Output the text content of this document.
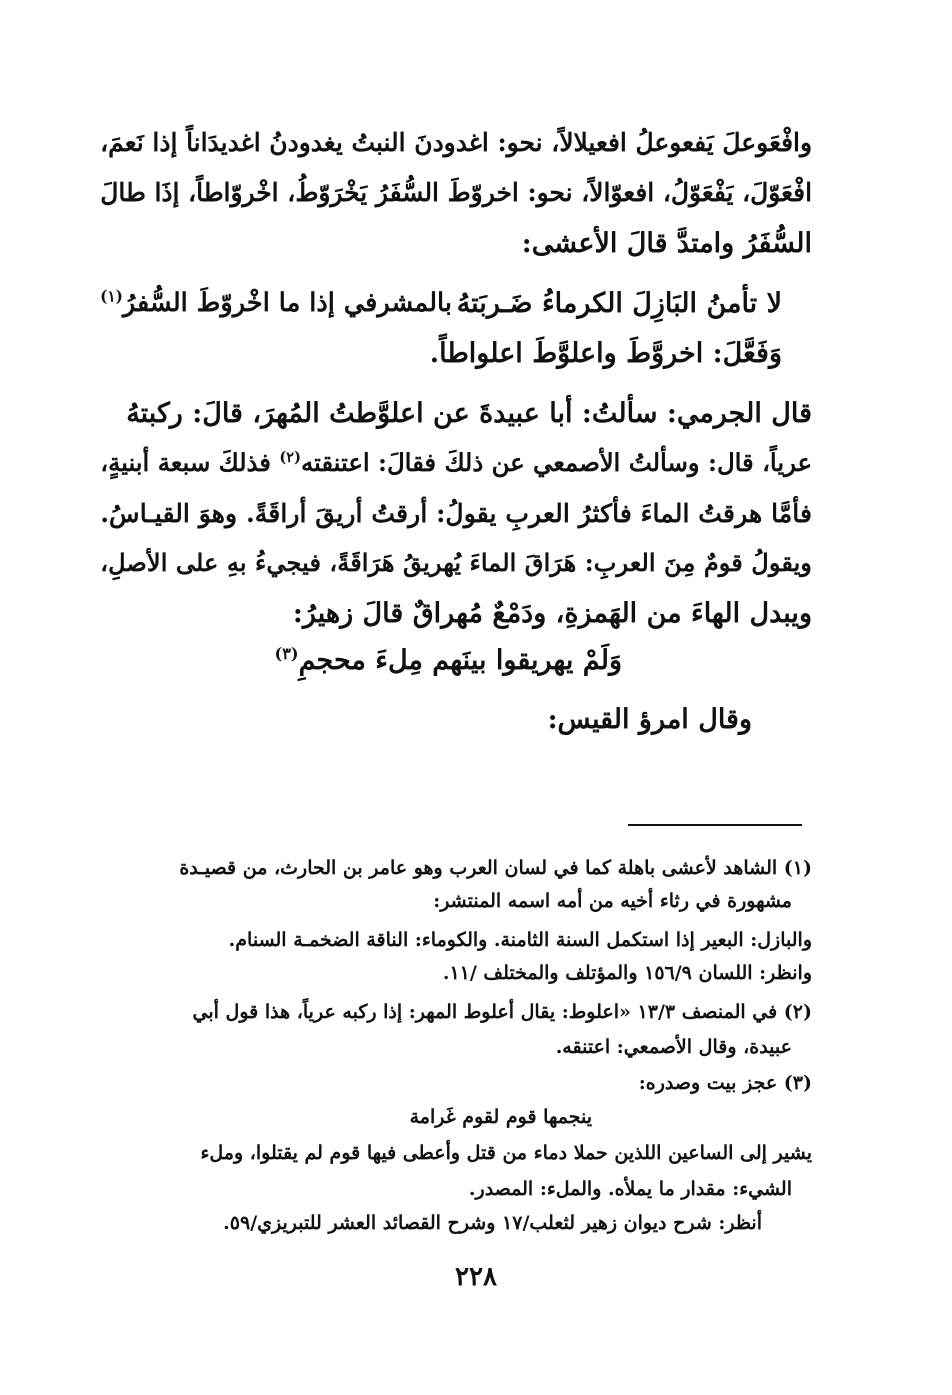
وافْعَوعلَ يَفعوعلُ افعيلالاً، نحو: اغدودنَ النبتُ يغدودنُ اغديدَاناً إذا نَعمَ،
افْعَوّلَ، يَفْعَوّلُ، افعوّالاً، نحو: اخروّطَ السُّفَرُ يَخْرَوّطُ، اخْروّاطاً، إذَا طالَ
السُّفَرُ وامتدَّ قالَ الأعشى:
لا تأمنُ البَازِلَ الكرماءُ ضَـربَتهُ
بالمشرفي إذا ما اخْروّطَ السُّفرُ$^{(١)}$
وَفَعَّلَ: اخروَّطَ واعلوَّطَ اعلواطاً.
قال الجرمي: سألتُ: أبا عبيدةَ عن اعلوَّطتُ المُهرَ، قالَ: ركبتهُ
عرياً، قال: وسألتُ الأصمعي عن ذلكَ فقالَ: اعتنقته$^{(٢)}$ فذلكَ سبعة أبنيةٍ،
فأمَّا هرقتُ الماءَ فأكثرُ العربِ يقولُ: أرقتُ أريقَ أراقَةً. وهوَ القيـاسُ.
ويقولُ قومٌ مِنَ العربِ: هَرَاقَ الماءَ يُهريقُ هَرَاقَةً، فيجيءُ بهِ على الأصلِ،
ويبدل الهاءَ من الهَمزةِ، ودَمْعٌ مُهراقٌ قالَ زهيرُ:
وَلَمْ يهريقوا بينَهم مِلءَ محجمِ$^{(٣)}$
وقال امرؤ القيس:
(١) الشاهد لأعشى باهلة كما في لسان العرب وهو عامر بن الحارث، من قصيـدة
مشهورة في رثاء أخيه من أمه اسمه المنتشر:
والبازل: البعير إذا استكمل السنة الثامنة. والكوماء: الناقة الضخمـة السنام.
وانظر: اللسان ١٥٦/٩ والمؤتلف والمختلف /١١.
(٢) في المنصف ١٣/٣ «اعلوط: يقال أعلوط المهر: إذا ركبه عرياً، هذا قول أبي
عبيدة، وقال الأصمعي: اعتنقه.
(٣) عجز بيت وصدره:
ينجمها قوم لقوم غَرامة
يشير إلى الساعين اللذين حملا دماء من قتل وأعطى فيها قوم لم يقتلوا، وملء
الشيء: مقدار ما يملأه. والملء: المصدر.
أنظر: شرح ديوان زهير لثعلب/١٧ وشرح القصائد العشر للتبريزي/٥٩.
٢٢٨
